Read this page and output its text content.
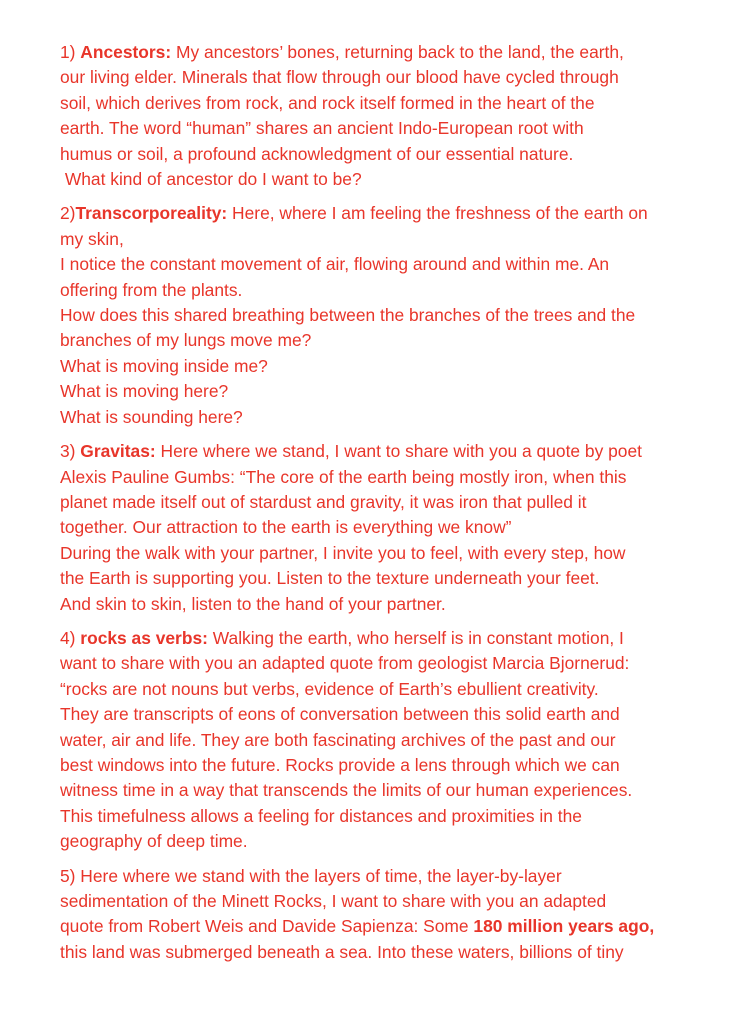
1) Ancestors: My ancestors’ bones, returning back to the land, the earth,
our living elder. Minerals that flow through our blood have cycled through
soil, which derives from rock, and rock itself formed in the heart of the
earth. The word “human” shares an ancient Indo-European root with
humus or soil, a profound acknowledgment of our essential nature.
What kind of ancestor do I want to be?

2)Transcorporeality: Here, where I am feeling the freshness of the earth on
my skin,
I notice the constant movement of air, flowing around and within me. An
offering from the plants.
How does this shared breathing between the branches of the trees and the
branches of my lungs move me?
What is moving inside me?
What is moving here?
What is sounding here?

3) Gravitas: Here where we stand, I want to share with you a quote by poet
Alexis Pauline Gumbs: “The core of the earth being mostly iron, when this
planet made itself out of stardust and gravity, it was iron that pulled it
together. Our attraction to the earth is everything we know”
During the walk with your partner, I invite you to feel, with every step, how
the Earth is supporting you. Listen to the texture underneath your feet.
And skin to skin, listen to the hand of your partner.

4) rocks as verbs: Walking the earth, who herself is in constant motion, I
want to share with you an adapted quote from geologist Marcia Bjornerud:
“rocks are not nouns but verbs, evidence of Earth’s ebullient creativity.
They are transcripts of eons of conversation between this solid earth and
water, air and life. They are both fascinating archives of the past and our
best windows into the future. Rocks provide a lens through which we can
witness time in a way that transcends the limits of our human experiences.
This timefulness allows a feeling for distances and proximities in the
geography of deep time.

5) Here where we stand with the layers of time, the layer-by-layer
sedimentation of the Minett Rocks, I want to share with you an adapted
quote from Robert Weis and Davide Sapienza: Some 180 million years ago,
this land was submerged beneath a sea. Into these waters, billions of tiny
